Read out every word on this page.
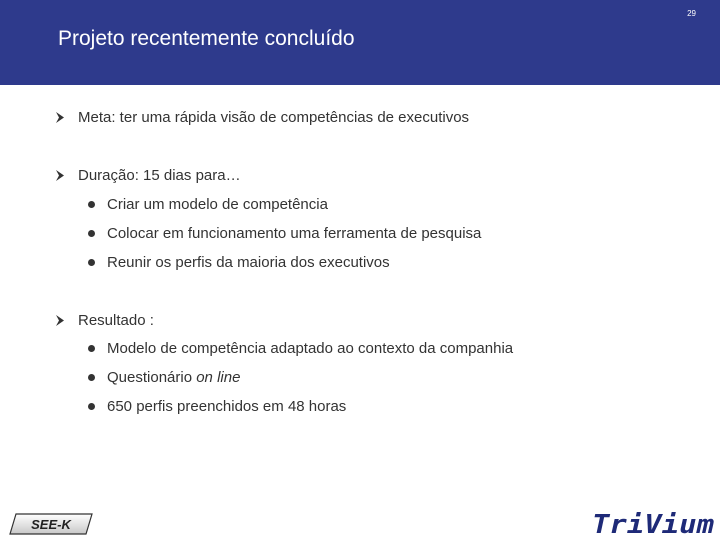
29
Projeto recentemente concluído
Meta: ter uma rápida visão de competências de executivos
Duração: 15 dias para…
Criar um modelo de competência
Colocar em funcionamento uma ferramenta de pesquisa
Reunir os perfis da maioria dos executivos
Resultado :
Modelo de competência adaptado ao contexto da companhia
Questionário on line
650 perfis preenchidos em 48 horas
SEE-K	TriVium
